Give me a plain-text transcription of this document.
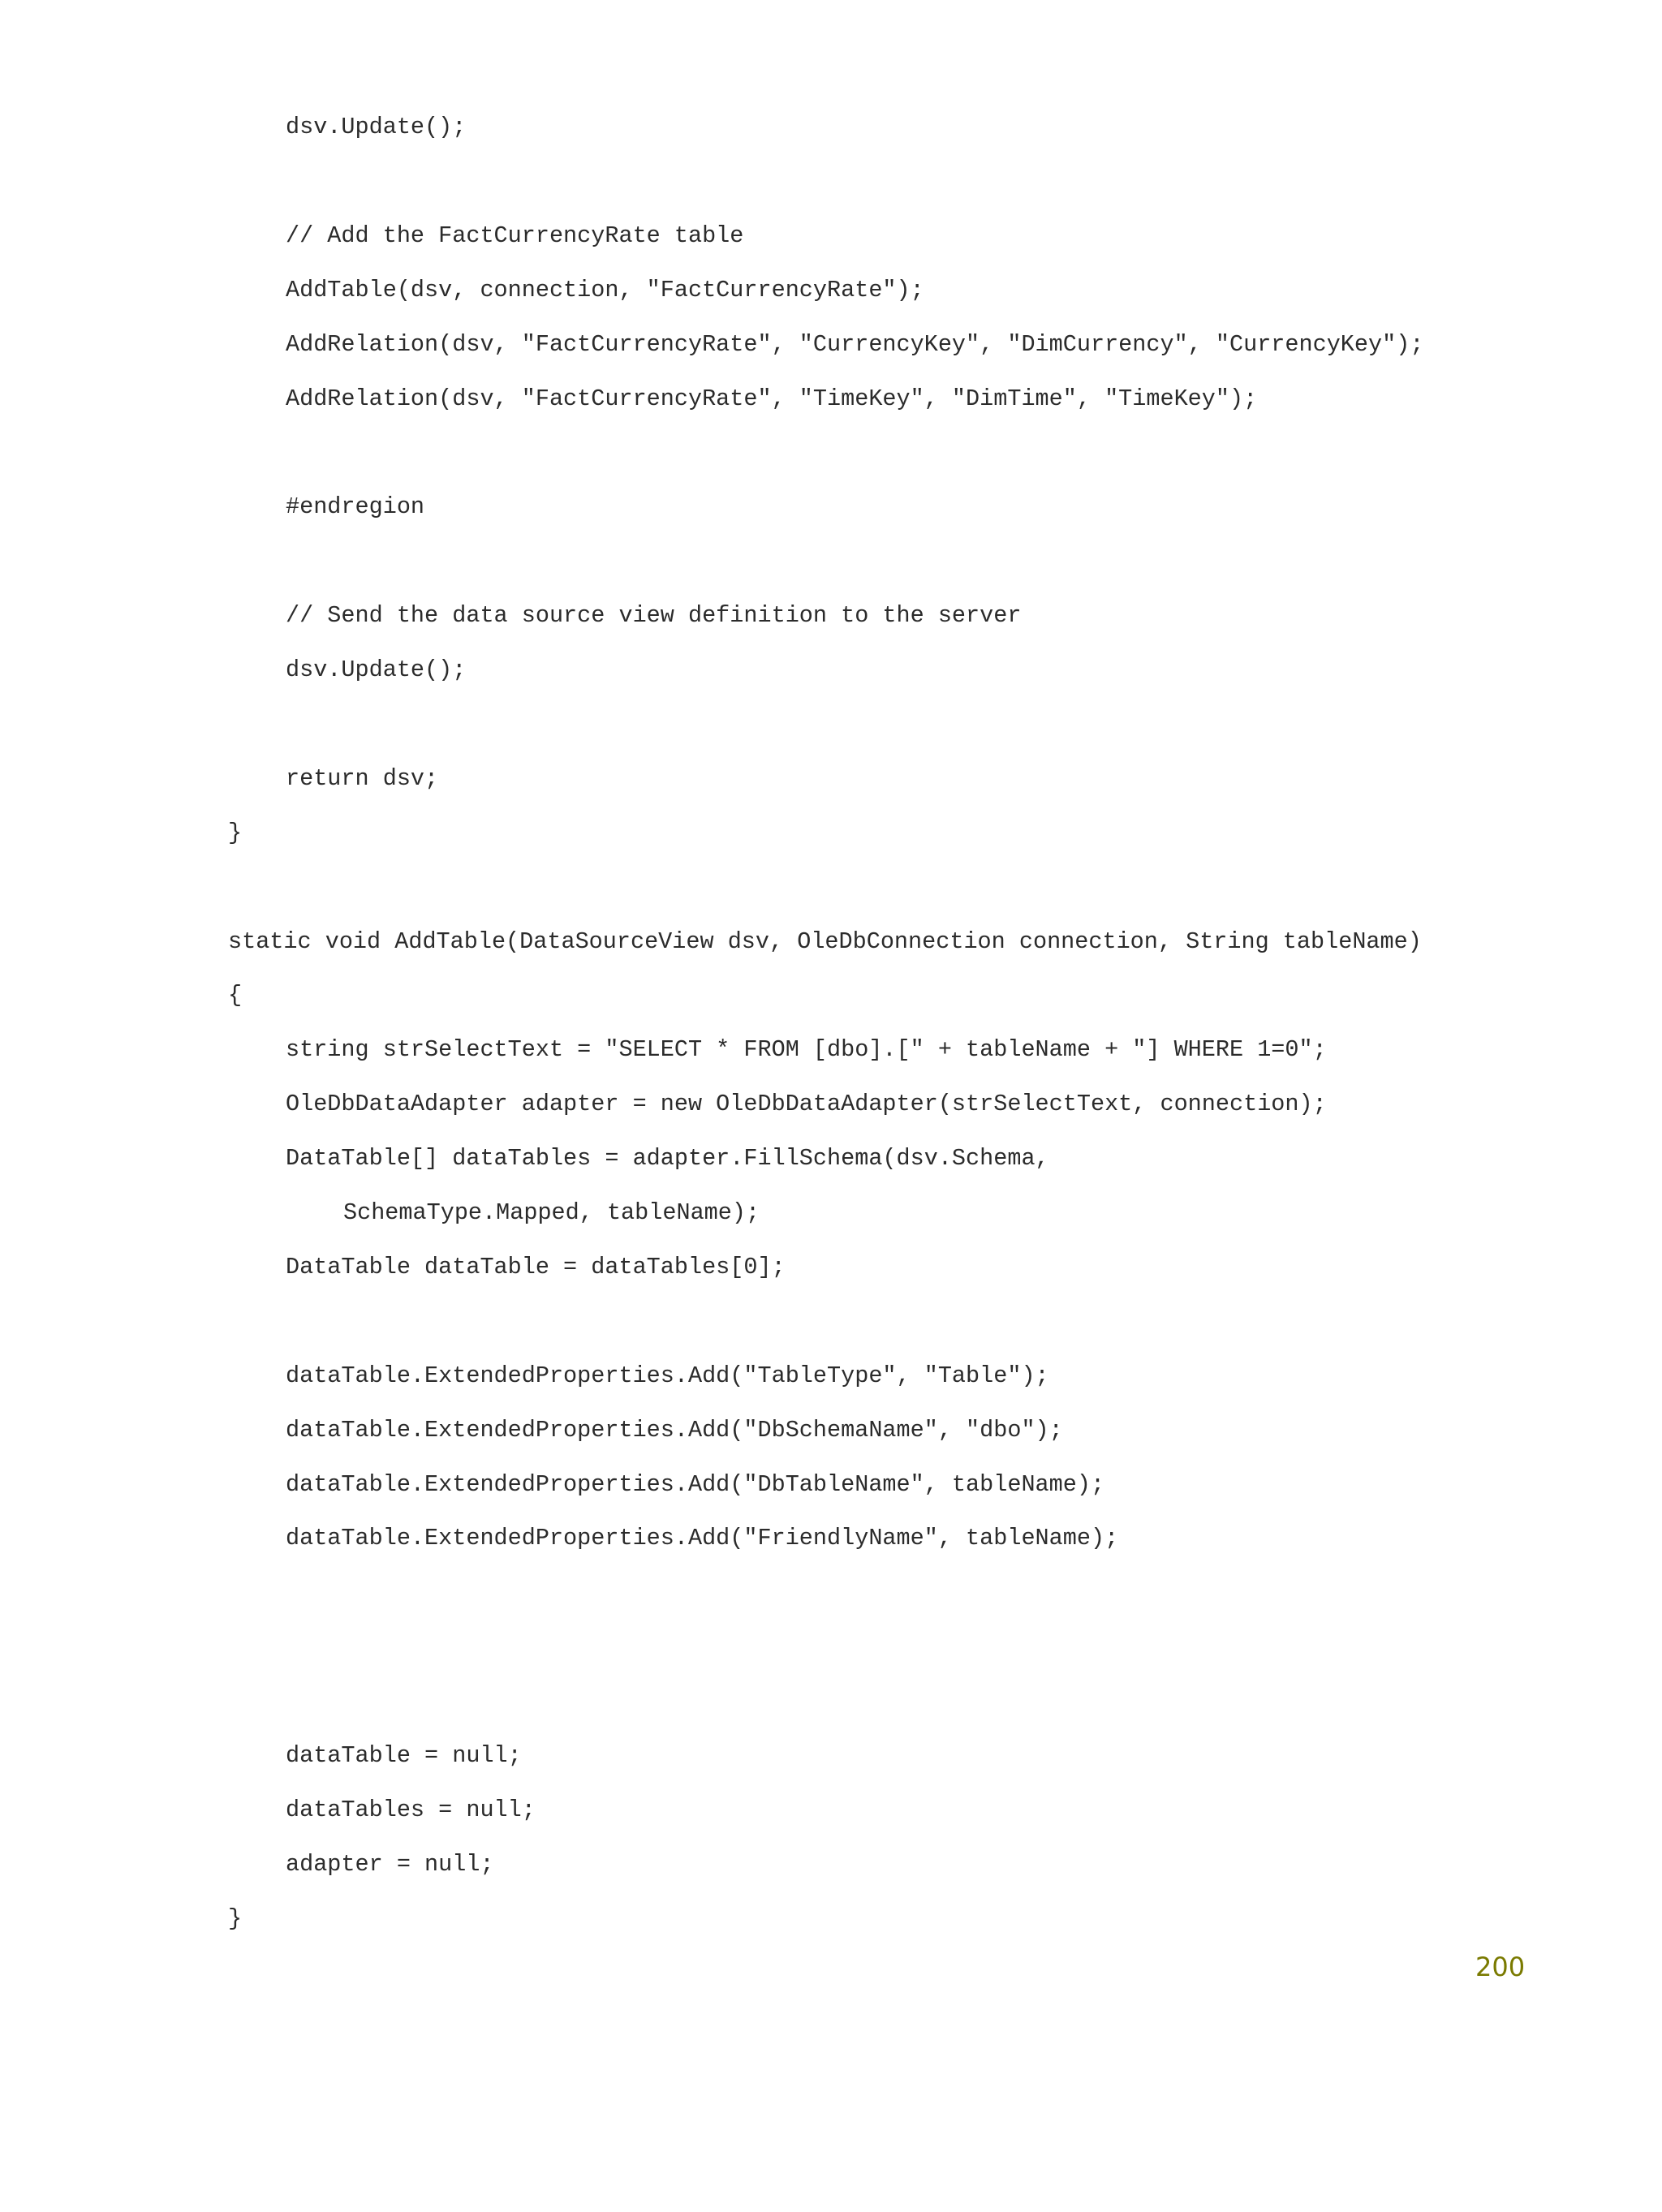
dsv.Update();
// Add the FactCurrencyRate table
AddTable(dsv, connection, "FactCurrencyRate");
AddRelation(dsv, "FactCurrencyRate", "CurrencyKey", "DimCurrency", "CurrencyKey");
AddRelation(dsv, "FactCurrencyRate", "TimeKey", "DimTime", "TimeKey");
#endregion
// Send the data source view definition to the server
dsv.Update();
return dsv;
}
static void AddTable(DataSourceView dsv, OleDbConnection connection, String tableName)
{
string strSelectText = "SELECT * FROM [dbo].[" + tableName + "] WHERE 1=0";
OleDbDataAdapter adapter = new OleDbDataAdapter(strSelectText, connection);
DataTable[] dataTables = adapter.FillSchema(dsv.Schema,
SchemaType.Mapped, tableName);
DataTable dataTable = dataTables[0];
dataTable.ExtendedProperties.Add("TableType", "Table");
dataTable.ExtendedProperties.Add("DbSchemaName", "dbo");
dataTable.ExtendedProperties.Add("DbTableName", tableName);
dataTable.ExtendedProperties.Add("FriendlyName", tableName);
dataTable = null;
dataTables = null;
adapter = null;
}
200
